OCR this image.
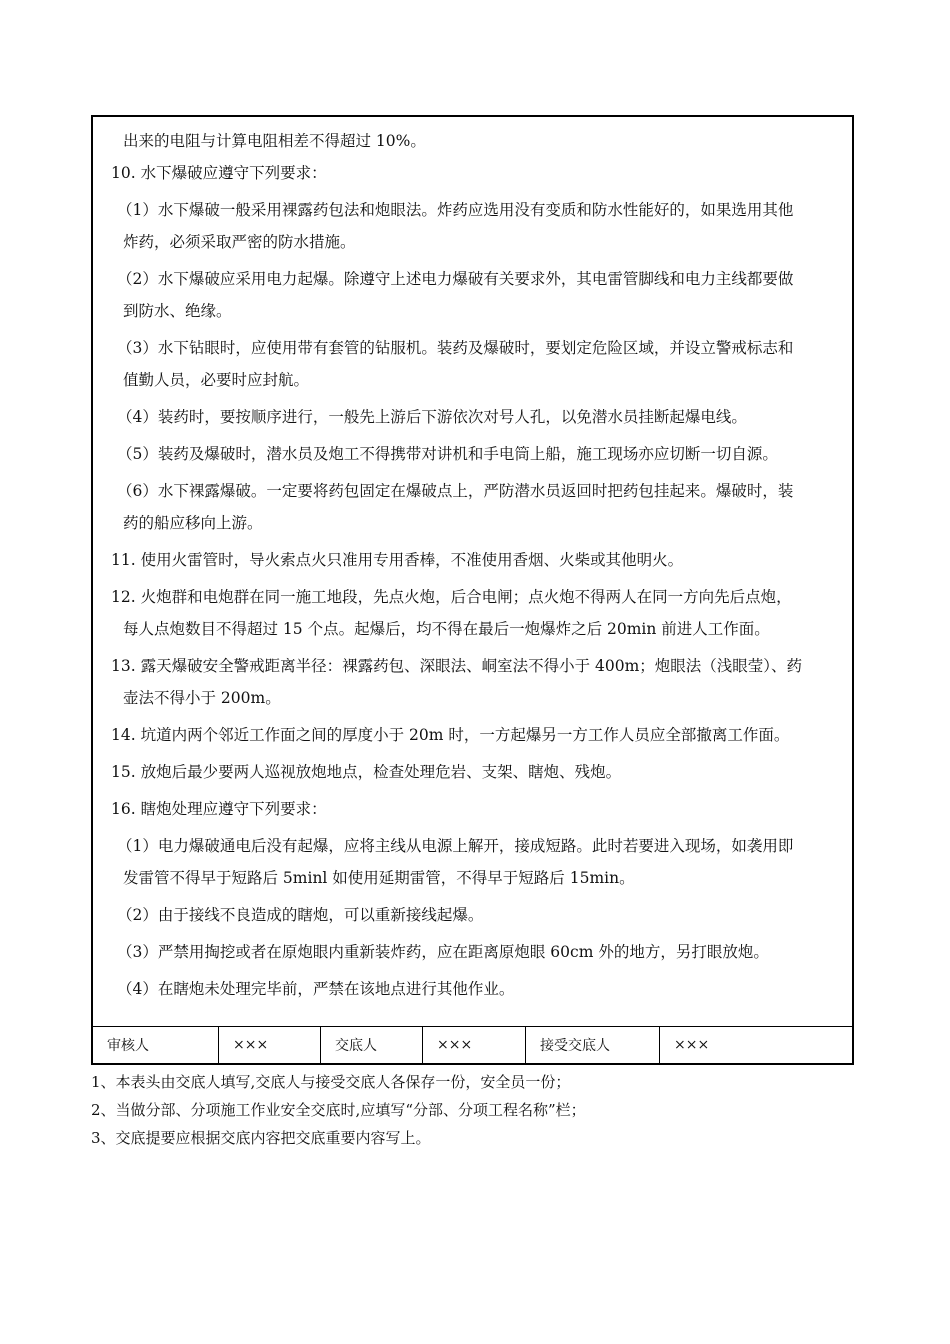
出来的电阻与计算电阻相差不得超过 10%。
10. 水下爆破应遵守下列要求：
（1）水下爆破一般采用裸露药包法和炮眼法。炸药应选用没有变质和防水性能好的，如果选用其他
炸药，必须采取严密的防水措施。
（2）水下爆破应采用电力起爆。除遵守上述电力爆破有关要求外，其电雷管脚线和电力主线都要做
到防水、绝缘。
（3）水下钻眼时，应使用带有套管的钻服机。装药及爆破时，要划定危险区域，并设立警戒标志和
值勤人员，必要时应封航。
（4）装药时，要按顺序进行，一般先上游后下游依次对号人孔，以免潜水员挂断起爆电线。
（5）装药及爆破时，潜水员及炮工不得携带对讲机和手电筒上船，施工现场亦应切断一切自源。
（6）水下裸露爆破。一定要将药包固定在爆破点上，严防潜水员返回时把药包挂起来。爆破时，装
药的船应移向上游。
11. 使用火雷管时，导火索点火只准用专用香棒，不准使用香烟、火柴或其他明火。
12. 火炮群和电炮群在同一施工地段，先点火炮，后合电闸；点火炮不得两人在同一方向先后点炮，
每人点炮数目不得超过 15 个点。起爆后，均不得在最后一炮爆炸之后 20min 前进人工作面。
13. 露天爆破安全警戒距离半径：裸露药包、深眼法、峒室法不得小于 400m；炮眼法（浅眼莹）、药
壶法不得小于 200m。
14. 坑道内两个邻近工作面之间的厚度小于 20m 时，一方起爆另一方工作人员应全部撤离工作面。
15. 放炮后最少要两人巡视放炮地点，检查处理危岩、支架、瞎炮、残炮。
16. 瞎炮处理应遵守下列要求：
（1）电力爆破通电后没有起爆，应将主线从电源上解开，接成短路。此时若要进入现场，如袭用即
发雷管不得早于短路后 5minl 如使用延期雷管，不得早于短路后 15min。
（2）由于接线不良造成的瞎炮，可以重新接线起爆。
（3）严禁用掏挖或者在原炮眼内重新装炸药，应在距离原炮眼 60cm 外的地方，另打眼放炮。
（4）在瞎炮未处理完毕前，严禁在该地点进行其他作业。
审核人	×××	交底人	×××	接受交底人	×××
1、本表头由交底人填写,交底人与接受交底人各保存一份，安全员一份；
2、当做分部、分项施工作业安全交底时,应填写“分部、分项工程名称”栏；
3、交底提要应根据交底内容把交底重要内容写上。
